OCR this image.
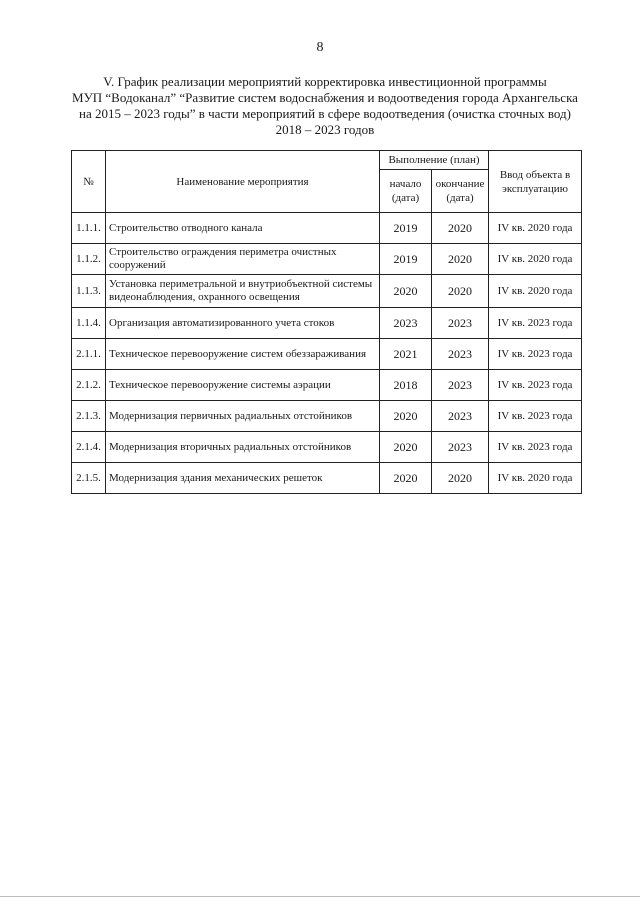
8
V. График реализации мероприятий корректировка инвестиционной программы
МУП “Водоканал” “Развитие систем водоснабжения и водоотведения города Архангельска
на 2015 – 2023 годы” в части мероприятий в сфере водоотведения (очистка сточных вод)
2018 – 2023 годов
№	Наименование мероприятия	Выполнение (план)		Ввод объекта в эксплуатацию
		начало (дата)	окончание (дата)	
1.1.1.	Строительство отводного канала	2019	2020	IV кв. 2020 года
1.1.2.	Строительство ограждения периметра очистных сооружений	2019	2020	IV кв. 2020 года
1.1.3.	Установка периметральной и внутриобъектной системы видеонаблюдения, охранного освещения	2020	2020	IV кв. 2020 года
1.1.4.	Организация автоматизированного учета стоков	2023	2023	IV кв. 2023 года
2.1.1.	Техническое перевооружение систем обеззараживания	2021	2023	IV кв. 2023 года
2.1.2.	Техническое перевооружение системы аэрации	2018	2023	IV кв. 2023 года
2.1.3.	Модернизация первичных радиальных отстойников	2020	2023	IV кв. 2023 года
2.1.4.	Модернизация вторичных радиальных отстойников	2020	2023	IV кв. 2023 года
2.1.5.	Модернизация здания механических решеток	2020	2020	IV кв. 2020 года
